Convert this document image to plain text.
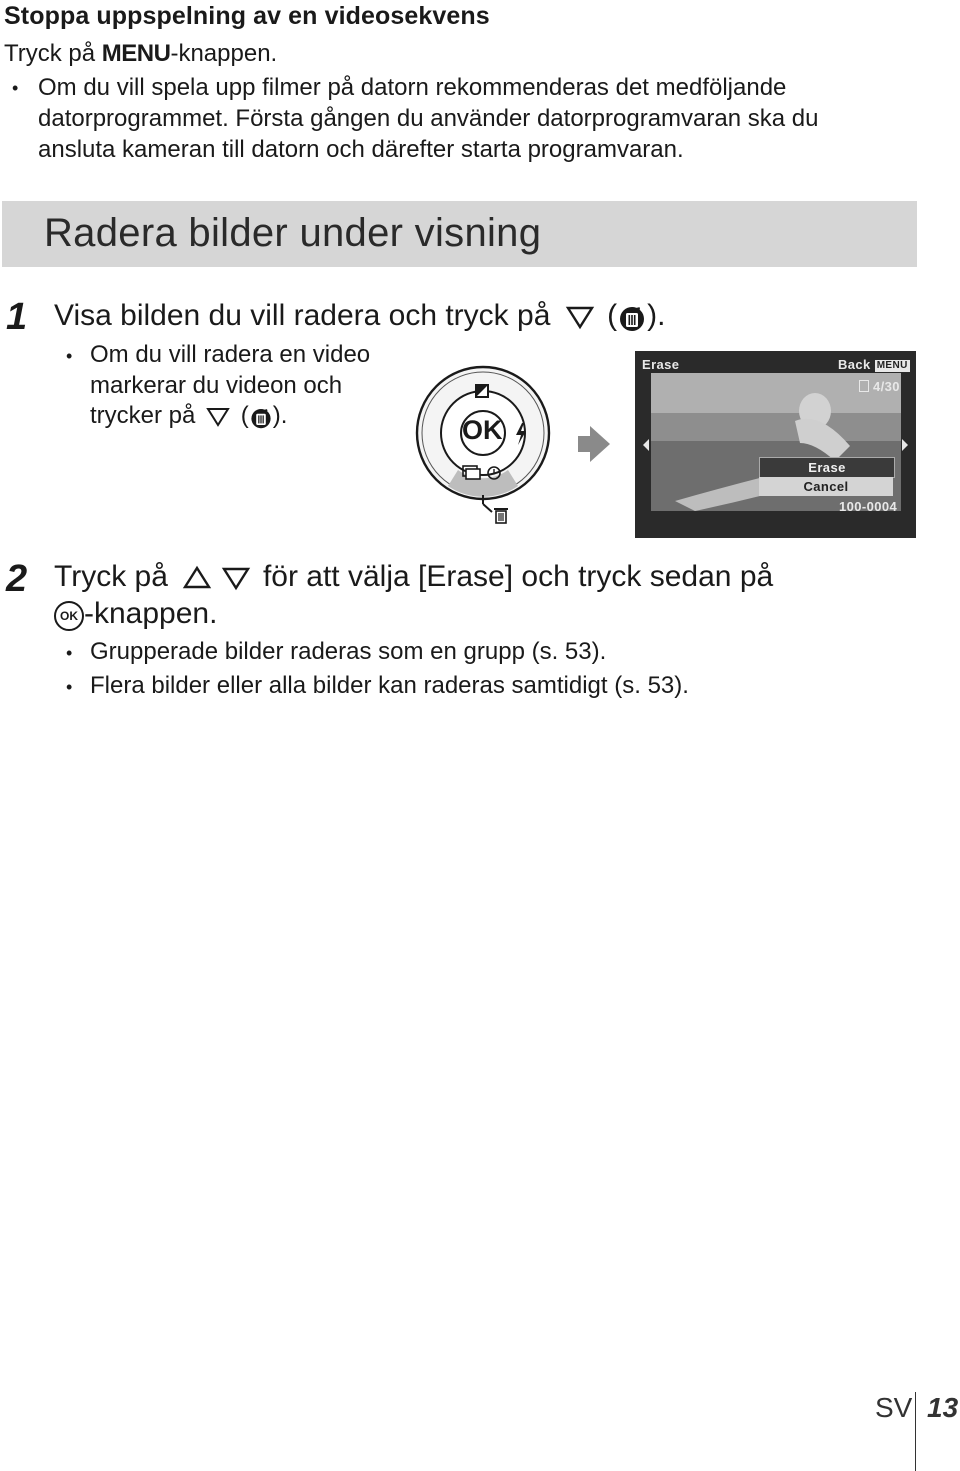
Stoppa uppspelning av en videosekvens
Tryck på MENU-knappen.
• Om du vill spela upp filmer på datorn rekommenderas det medföljande
datorprogrammet. Första gången du använder datorprogramvaran ska du
ansluta kameran till datorn och därefter starta programvaran.
Radera bilder under visning
1 Visa bilden du vill radera och tryck på ( ).
• Om du vill radera en video
markerar du videon och
trycker på ( ).	OK
Erase	Back MENU
4/30
Erase
Cancel
100-0004
2 Tryck på	för att välja [Erase] och tryck sedan på
OK -knappen.
• Grupperade bilder raderas som en grupp (s. 53).
• Flera bilder eller alla bilder kan raderas samtidigt (s. 53).
SV 13
